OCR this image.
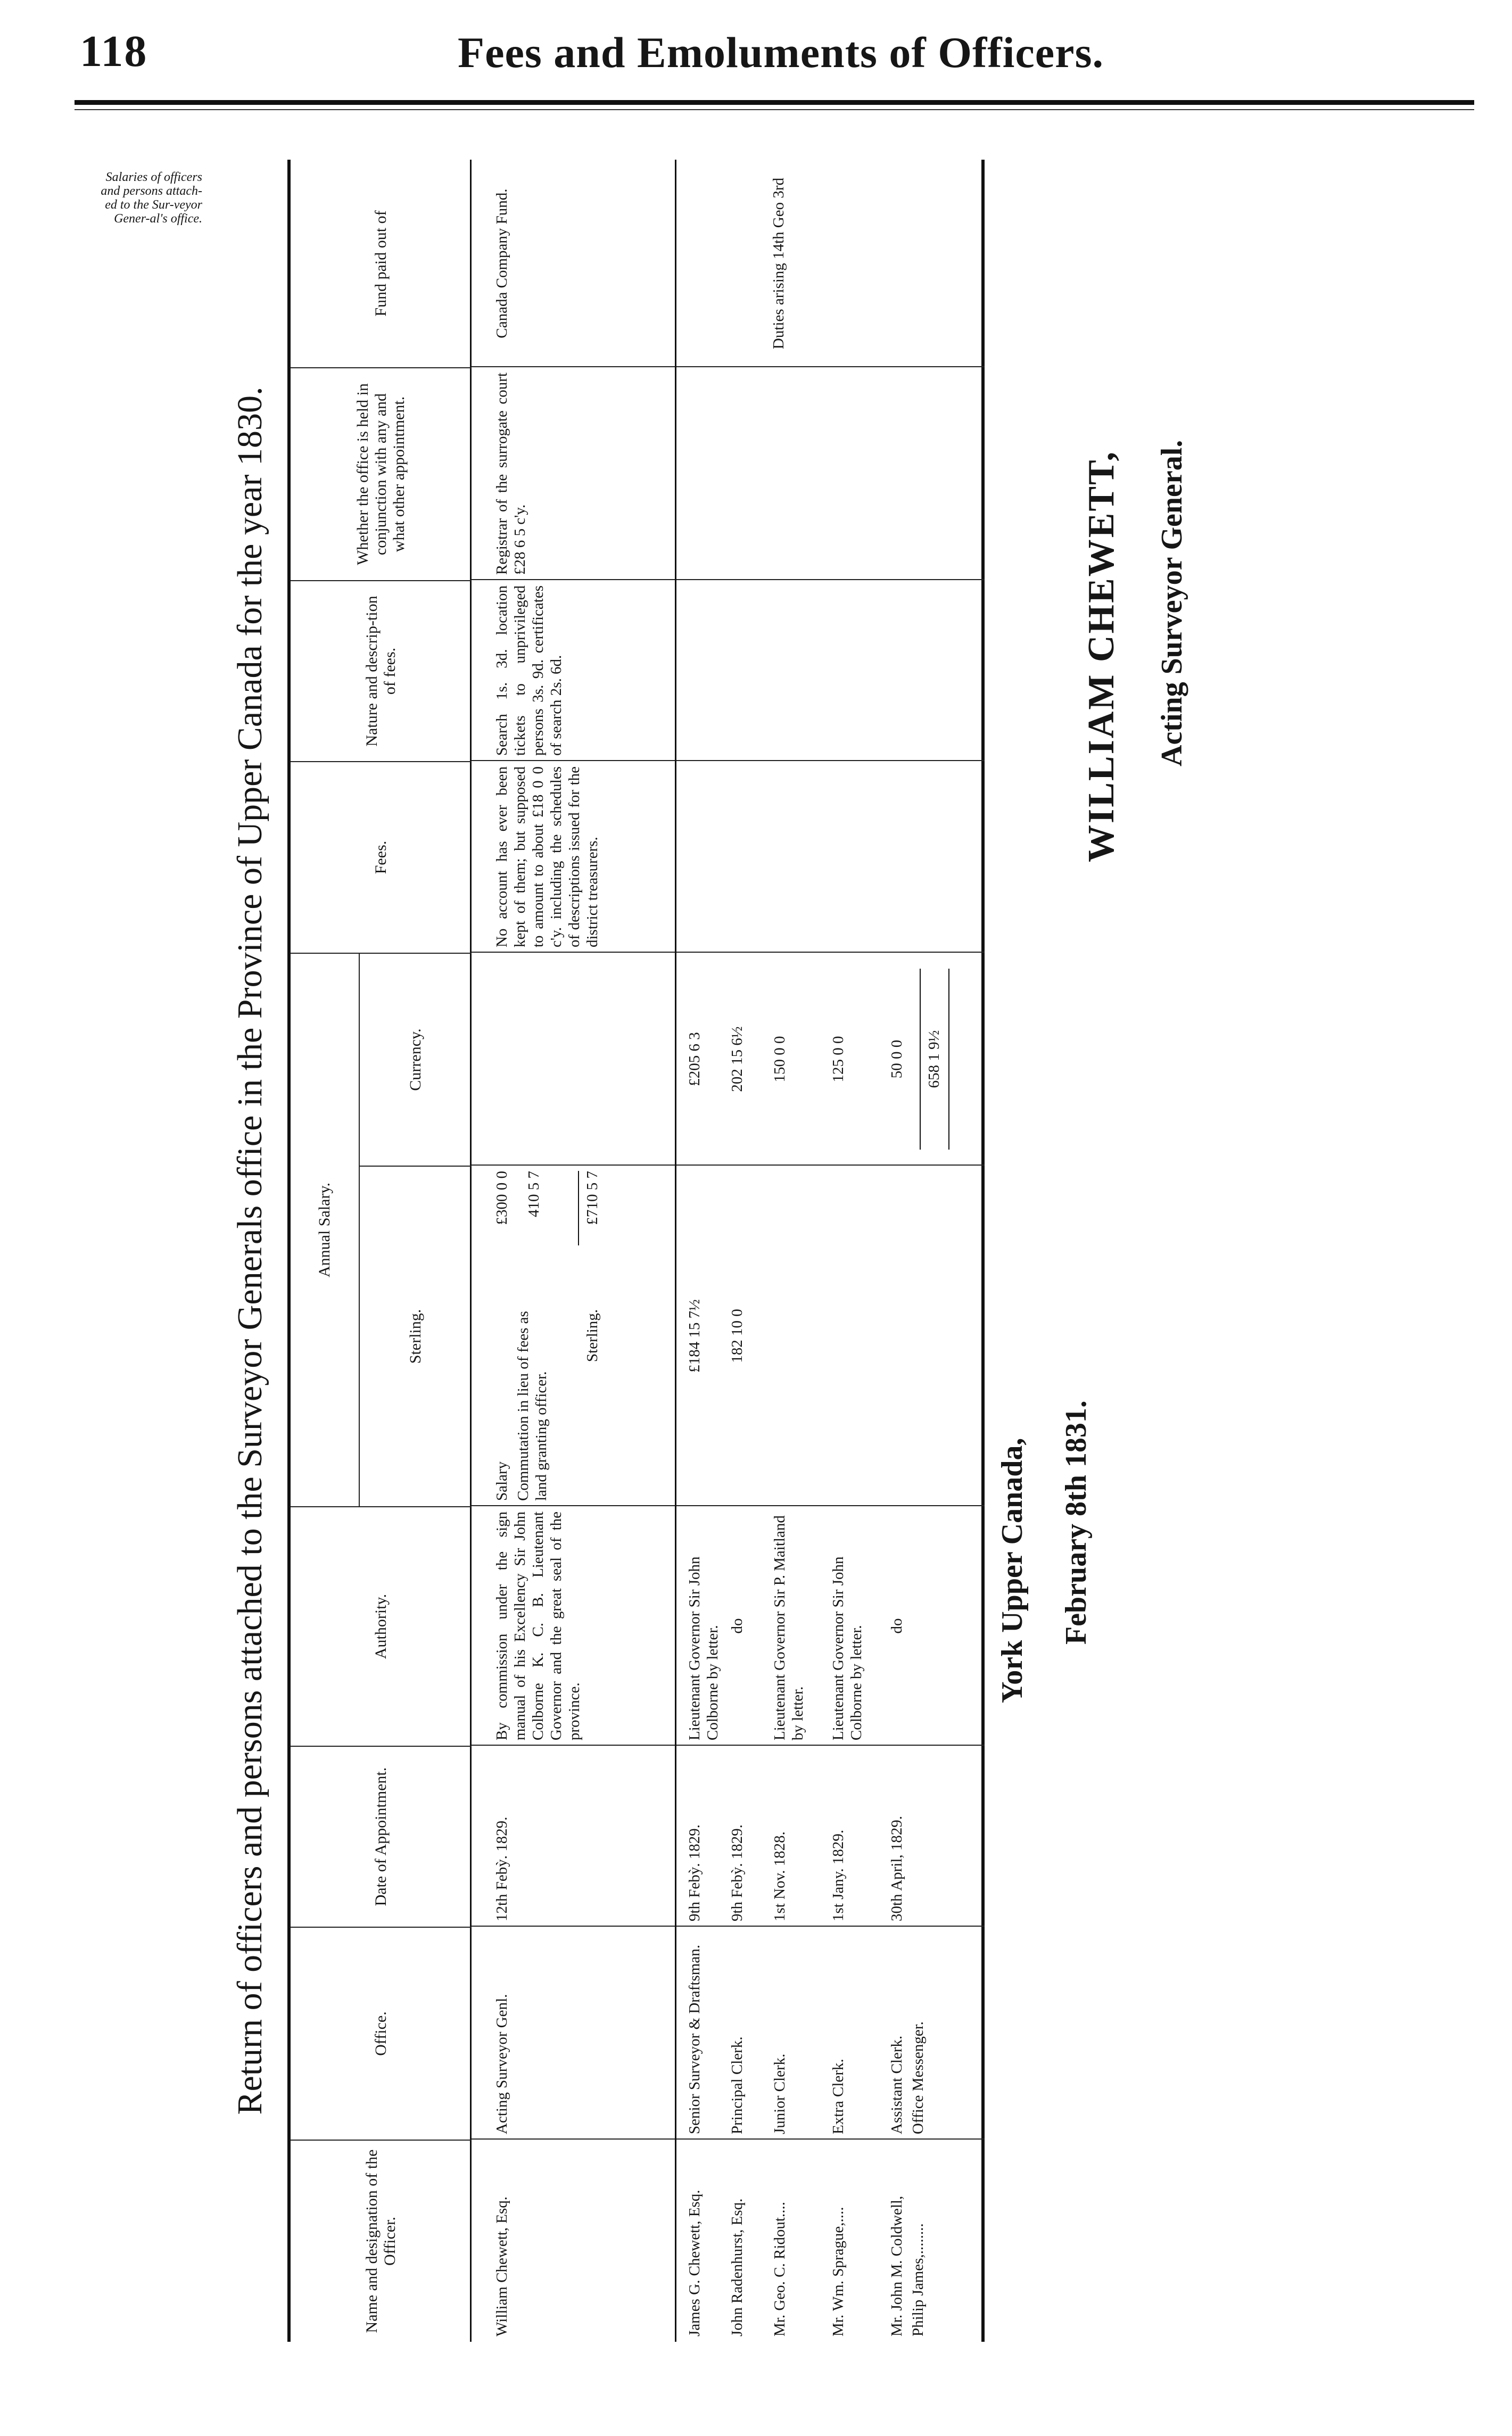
118	Fees and Emoluments of Officers.
Salaries of officers and persons attach-ed to the Sur-veyor Gener-al's office.
Return of officers and persons attached to the Surveyor Generals office in the Province of Upper Canada for the year 1830.
Name and designation of the Officer.
Office.
Date of Appointment.
Authority.
Annual Salary.
Sterling.
Currency.
Fees.
Nature and descrip-tion of fees.
Whether the office is held in conjunction with any and what other appointment.
Fund paid out of
William Chewett, Esq.
Acting Surveyor Genl.
12th Febỳ. 1829.
By commission under the sign manual of his Excellency Sir John Colborne K. C. B. Lieutenant Governor and the great seal of the province.
Salary
£300 0 0
Commutation in lieu of fees as land granting officer.
410 5 7
Sterling.
£710 5 7
No account has ever been kept of them; but supposed to amount to about £18 0 0 c'y. including the schedules of descriptions issued for the district treasurers.
Search 1s. 3d. location tickets to unprivileged persons 3s. 9d. certificates of search 2s. 6d.
Registrar of the surrogate court £28 6 5 c'y.
Canada Company Fund.
James G. Chewett, Esq.
Senior Surveyor & Draftsman.
9th Febỳ. 1829.
Lieutenant Governor Sir John Colborne by letter.
£184 15 7½
£205 6 3
John Radenhurst, Esq.
Principal Clerk.
9th Febỳ. 1829.
do
182 10 0
202 15 6½
Mr. Geo. C. Ridout....
Junior Clerk.
1st Nov. 1828.
Lieutenant Governor Sir P. Maitland by letter.
150 0 0
Mr. Wm. Sprague,....
Extra Clerk.
1st Jany. 1829.
Lieutenant Governor Sir John Colborne by letter.
125 0 0
Mr. John M. Coldwell,
Assistant Clerk.
30th April, 1829.
do
50 0 0
Philip James,........
Office Messenger.
658 1 9½
Duties arising 14th Geo 3rd
York Upper Canada, February 8th 1831.
WILLIAM CHEWETT, Acting Surveyor General.
